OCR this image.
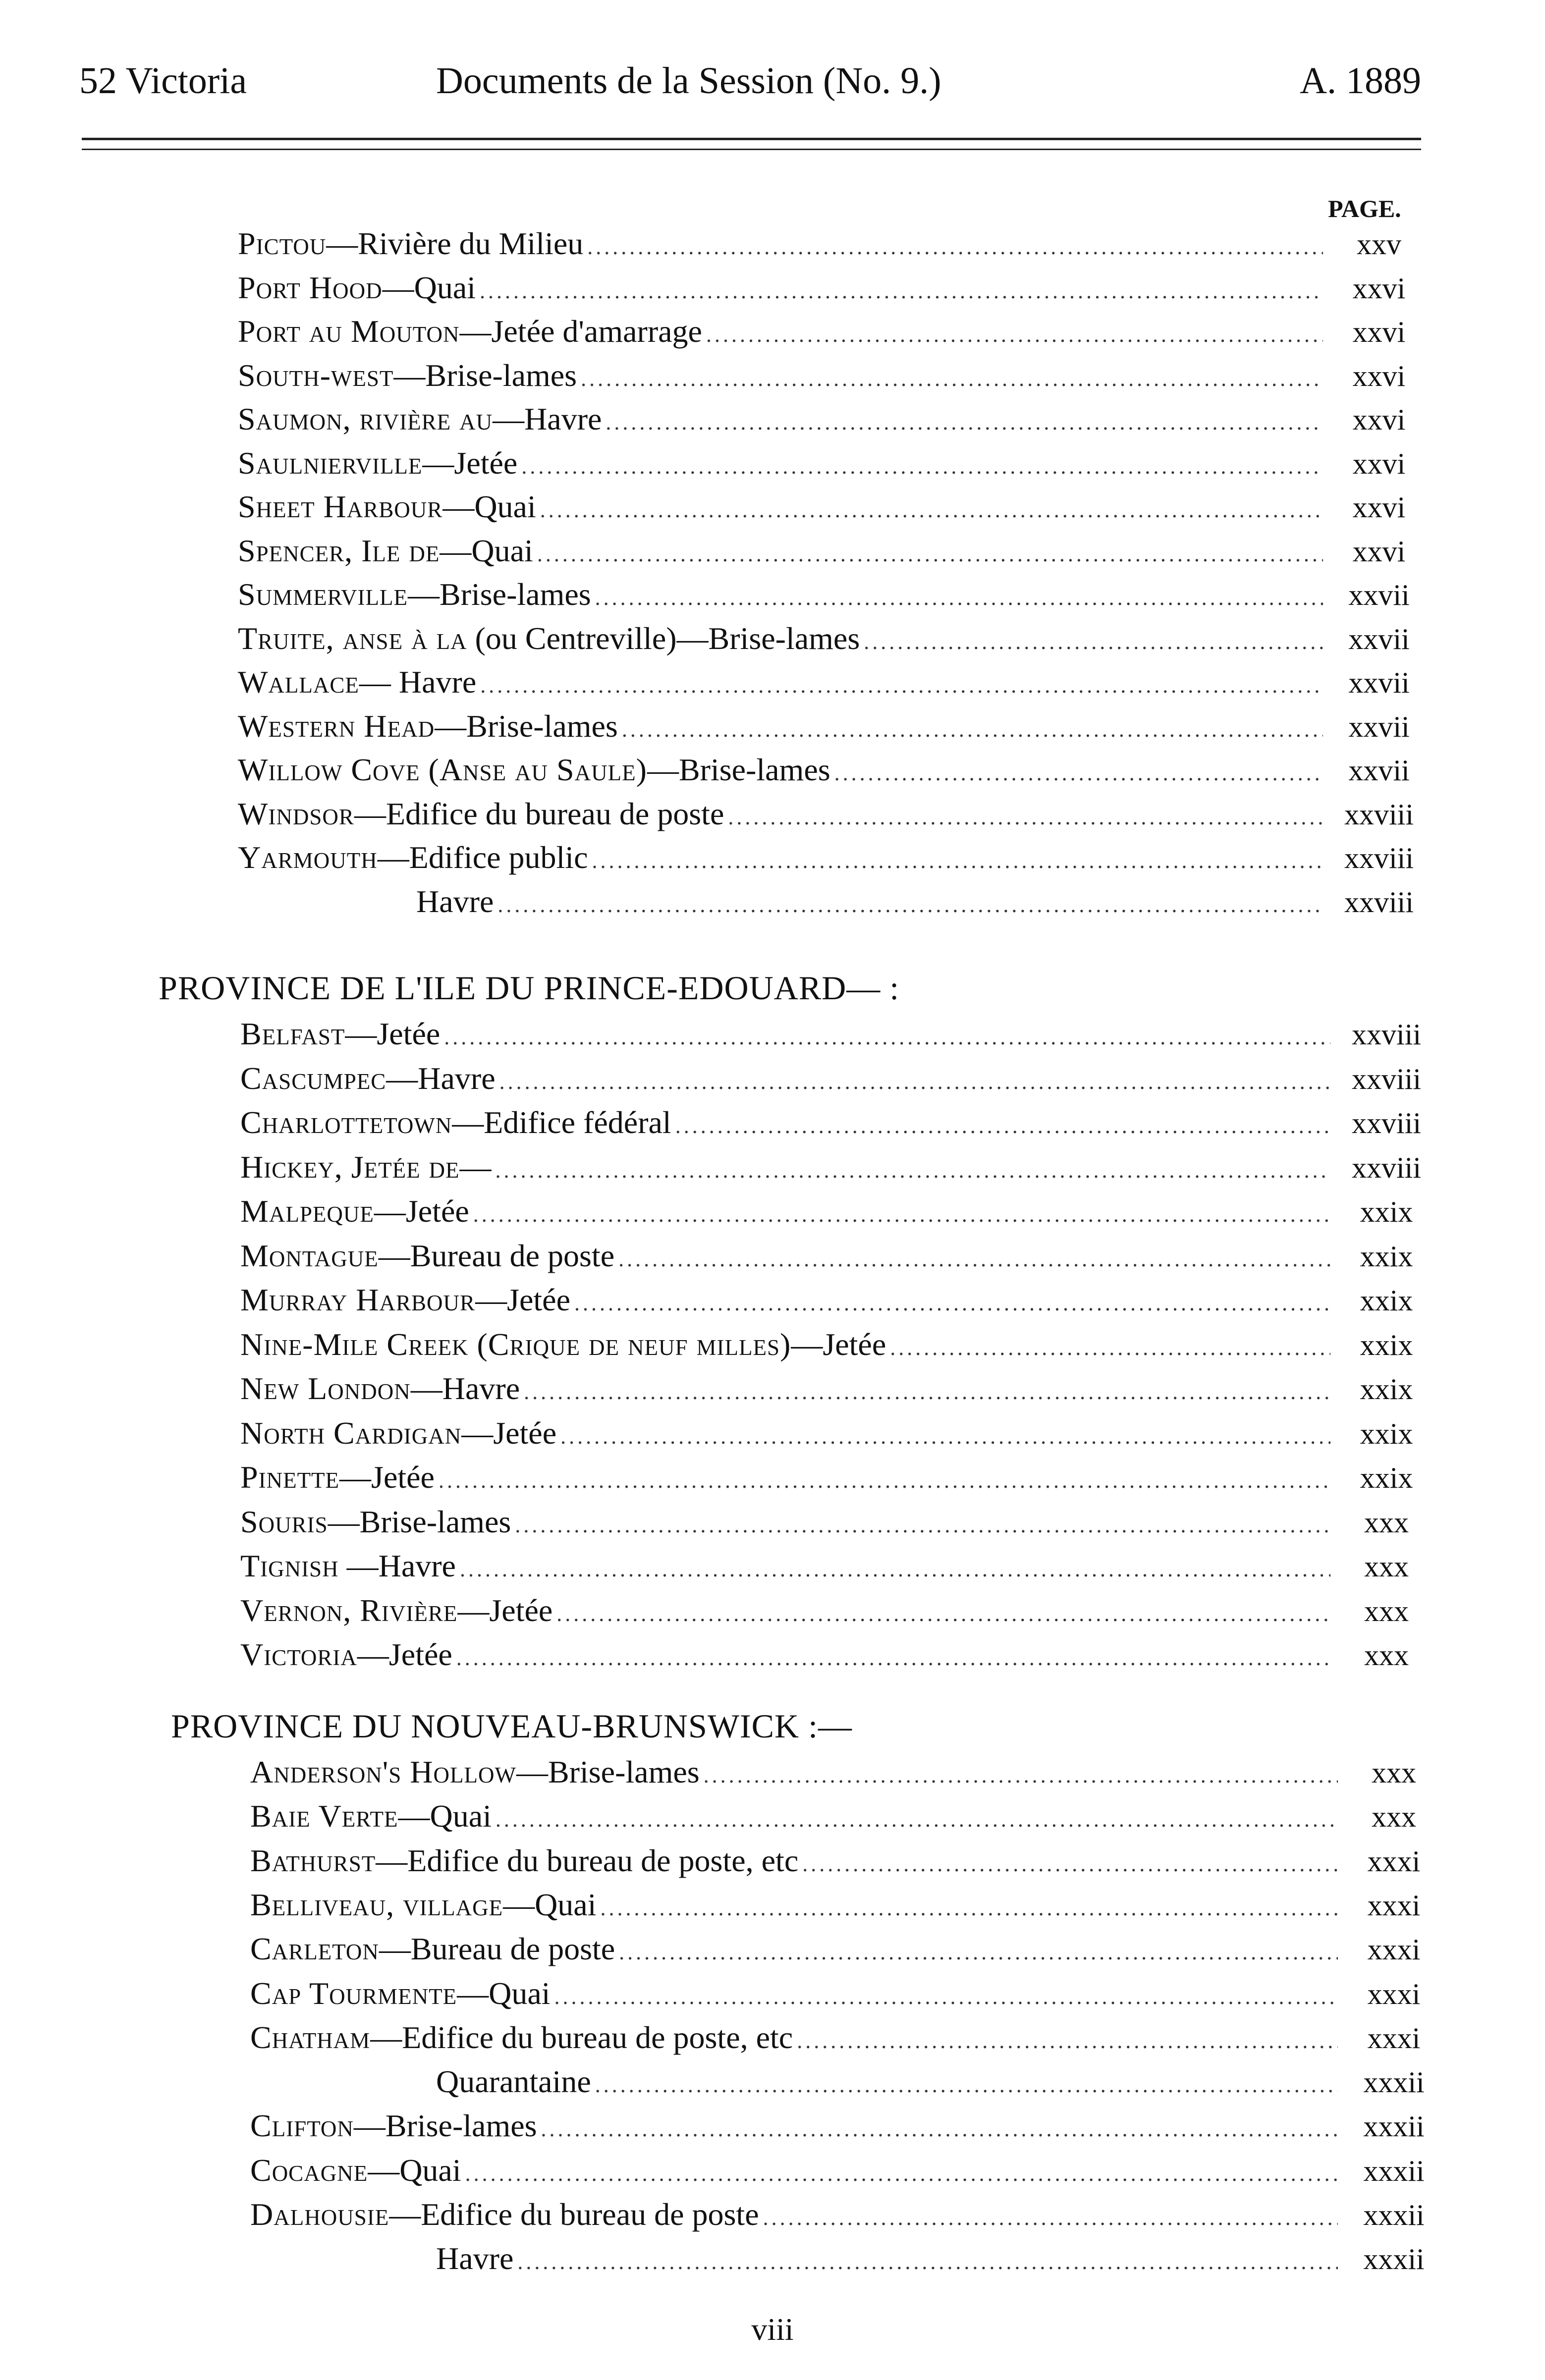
52 Victoria	Documents de la Session (No. 9.)	A. 1889
PAGE.
Pictou—Rivière du Milieu .....	xxv
Port Hood—Quai .....	xxvi
Port au Mouton—Jetée d'amarrage .....	xxvi
South-west—Brise-lames .....	xxvi
Saumon, rivière au—Havre .....	xxvi
Saulnierville—Jetée .....	xxvi
Sheet Harbour—Quai .....	xxvi
Spencer, Ile de—Quai .....	xxvi
Summerville—Brise-lames .....	xxvii
Truite, anse à la (ou Centreville)—Brise-lames .....	xxvii
Wallace— Havre .....	xxvii
Western Head—Brise-lames .....	xxvii
Willow Cove (Anse au Saule)—Brise-lames .....	xxvii
Windsor—Edifice du bureau de poste .....	xxviii
Yarmouth—Edifice public .....	xxviii
Havre .....	xxviii
PROVINCE DE L'ILE DU PRINCE-EDOUARD— :
Belfast—Jetée .....	xxviii
Cascumpec—Havre .....	xxviii
Charlottetown—Edifice fédéral .....	xxviii
Hickey, Jetée de— .....	xxviii
Malpeque—Jetée .....	xxix
Montague—Bureau de poste .....	xxix
Murray Harbour—Jetée .....	xxix
Nine-Mile Creek (Crique de neuf milles)—Jetée .....	xxix
New London—Havre .....	xxix
North Cardigan—Jetée .....	xxix
Pinette—Jetée .....	xxix
Souris—Brise-lames .....	xxx
Tignish —Havre .....	xxx
Vernon, Rivière—Jetée .....	xxx
Victoria—Jetée .....	xxx
PROVINCE DU NOUVEAU-BRUNSWICK :—
Anderson's Hollow—Brise-lames .....	xxx
Baie Verte—Quai .....	xxx
Bathurst—Edifice du bureau de poste, etc .....	xxxi
Belliveau, village—Quai .....	xxxi
Carleton—Bureau de poste .....	xxxi
Cap Tourmente—Quai .....	xxxi
Chatham—Edifice du bureau de poste, etc .....	xxxi
Quarantaine .....	xxxii
Clifton—Brise-lames .....	xxxii
Cocagne—Quai .....	xxxii
Dalhousie—Edifice du bureau de poste .....	xxxii
Havre .....	xxxii
viii
